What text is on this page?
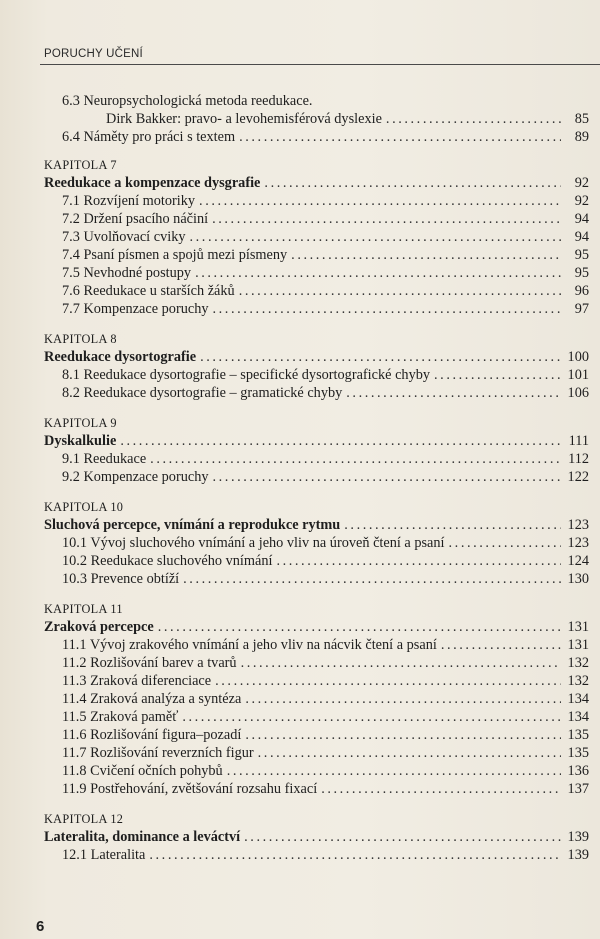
PORUCHY UČENÍ
6.3 Neuropsychologická metoda reedukace.
Dirk Bakker: pravo- a levohemisférová dyslexie . . .	85
6.4 Náměty pro práci s textem . . .	89
KAPITOLA 7
Reedukace a kompenzace dysgrafie . . .	92
7.1 Rozvíjení motoriky . . .	92
7.2 Držení psacího náčiní . . .	94
7.3 Uvolňovací cviky . . .	94
7.4 Psaní písmen a spojů mezi písmeny . . .	95
7.5 Nevhodné postupy . . .	95
7.6 Reedukace u starších žáků . . .	96
7.7 Kompenzace poruchy . . .	97
KAPITOLA 8
Reedukace dysortografie . . .	100
8.1 Reedukace dysortografie – specifické dysortografické chyby . . .	101
8.2 Reedukace dysortografie – gramatické chyby . . .	106
KAPITOLA 9
Dyskalkulie . . .	111
9.1 Reedukace . . .	112
9.2 Kompenzace poruchy . . .	122
KAPITOLA 10
Sluchová percepce, vnímání a reprodukce rytmu . . .	123
10.1 Vývoj sluchového vnímání a jeho vliv na úroveň čtení a psaní . . .	123
10.2 Reedukace sluchového vnímání . . .	124
10.3 Prevence obtíží . . .	130
KAPITOLA 11
Zraková percepce . . .	131
11.1 Vývoj zrakového vnímání a jeho vliv na nácvik čtení a psaní . . .	131
11.2 Rozlišování barev a tvarů . . .	132
11.3 Zraková diferenciace . . .	132
11.4 Zraková analýza a syntéza . . .	134
11.5 Zraková paměť . . .	134
11.6 Rozlišování figura–pozadí . . .	135
11.7 Rozlišování reverzních figur . . .	135
11.8 Cvičení očních pohybů . . .	136
11.9 Postřehování, zvětšování rozsahu fixací . . .	137
KAPITOLA 12
Lateralita, dominance a leváctví . . .	139
12.1 Lateralita . . .	139
6
